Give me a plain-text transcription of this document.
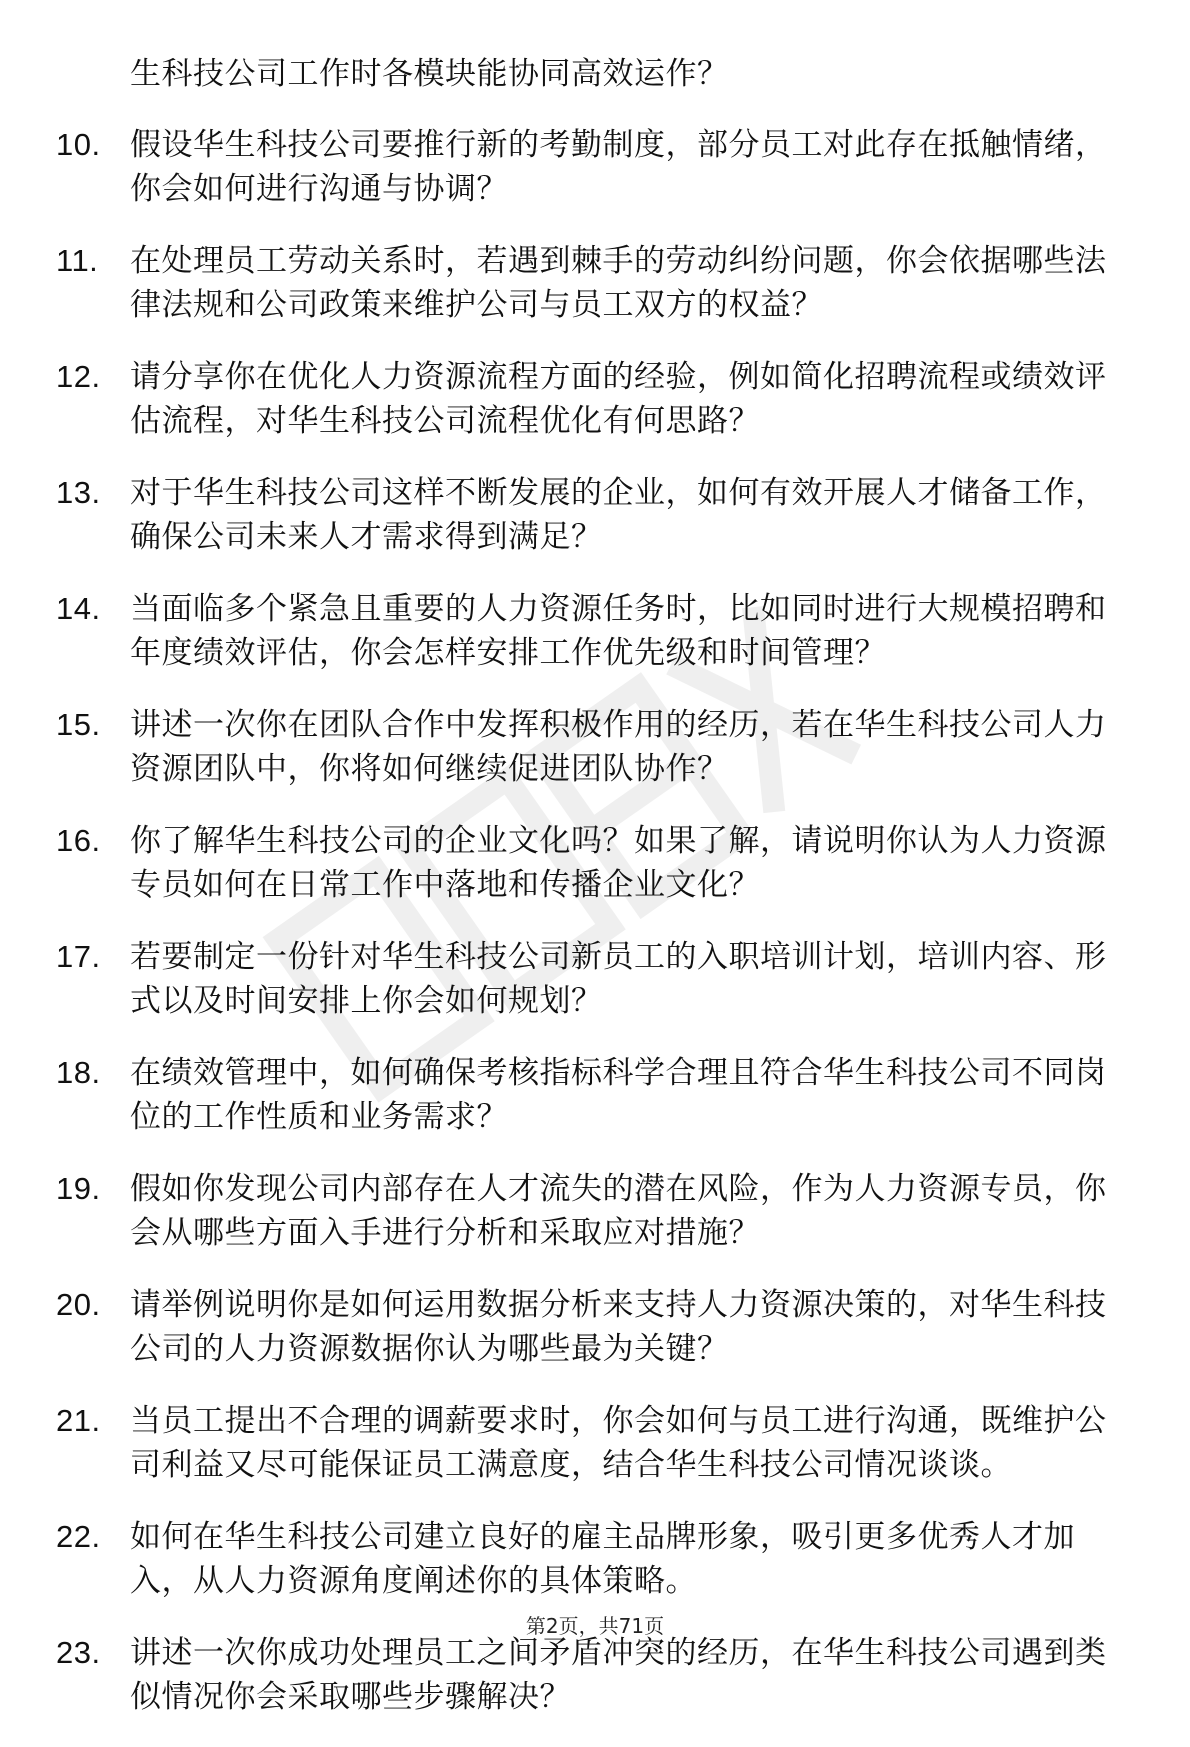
生科技公司工作时各模块能协同高效运作？

10. 假设华生科技公司要推行新的考勤制度，部分员工对此存在抵触情绪，你会如何进行沟通与协调？
11. 在处理员工劳动关系时，若遇到棘手的劳动纠纷问题，你会依据哪些法律法规和公司政策来维护公司与员工双方的权益？
12. 请分享你在优化人力资源流程方面的经验，例如简化招聘流程或绩效评估流程，对华生科技公司流程优化有何思路？
13. 对于华生科技公司这样不断发展的企业，如何有效开展人才储备工作，确保公司未来人才需求得到满足？
14. 当面临多个紧急且重要的人力资源任务时，比如同时进行大规模招聘和年度绩效评估，你会怎样安排工作优先级和时间管理？
15. 讲述一次你在团队合作中发挥积极作用的经历，若在华生科技公司人力资源团队中，你将如何继续促进团队协作？
16. 你了解华生科技公司的企业文化吗？如果了解，请说明你认为人力资源专员如何在日常工作中落地和传播企业文化？
17. 若要制定一份针对华生科技公司新员工的入职培训计划，培训内容、形式以及时间安排上你会如何规划？
18. 在绩效管理中，如何确保考核指标科学合理且符合华生科技公司不同岗位的工作性质和业务需求？
19. 假如你发现公司内部存在人才流失的潜在风险，作为人力资源专员，你会从哪些方面入手进行分析和采取应对措施？
20. 请举例说明你是如何运用数据分析来支持人力资源决策的，对华生科技公司的人力资源数据你认为哪些最为关键？
21. 当员工提出不合理的调薪要求时，你会如何与员工进行沟通，既维护公司利益又尽可能保证员工满意度，结合华生科技公司情况谈谈。
22. 如何在华生科技公司建立良好的雇主品牌形象，吸引更多优秀人才加入，从人力资源角度阐述你的具体策略。
23. 讲述一次你成功处理员工之间矛盾冲突的经历，在华生科技公司遇到类似情况你会采取哪些步骤解决？
第2页，共71页
